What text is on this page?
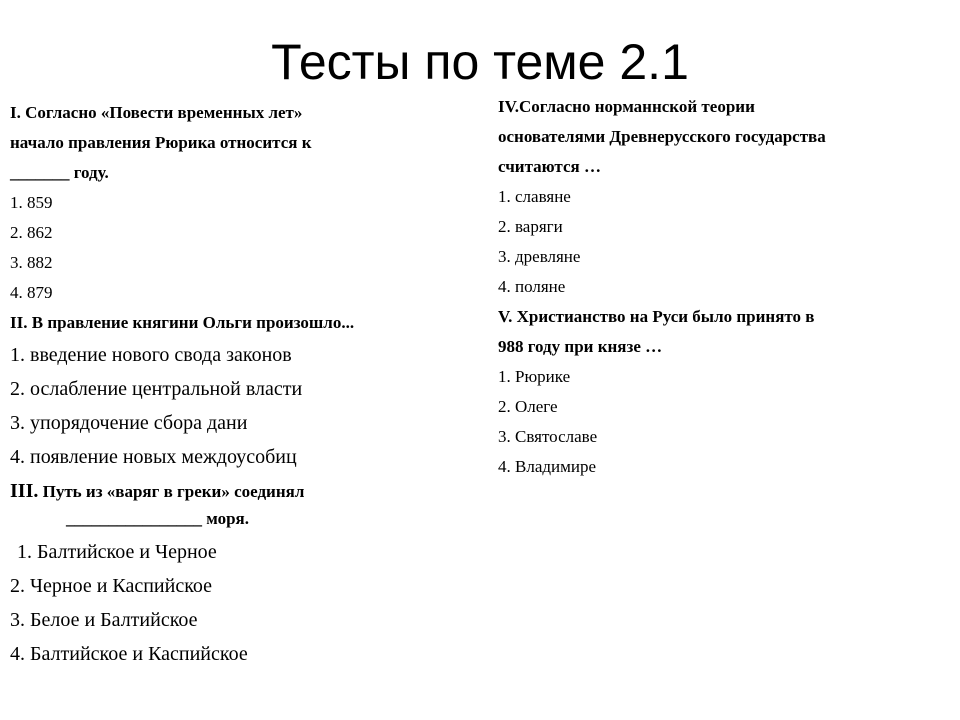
Тесты по теме 2.1
I. Согласно «Повести временных лет»
начало правления Рюрика относится к
_______ году.
1. 859
2. 862
3. 882
4. 879
II. В правление княгини Ольги произошло...
1. введение нового свода законов
2. ослабление центральной власти
3. упорядочение сбора дани
4. появление новых междоусобиц
III. Путь из «варяг в греки» соединял
________________ моря.
1. Балтийское и Черное
2. Черное и Каспийское
3. Белое и Балтийское
4. Балтийское и Каспийское
IV.Согласно норманнской теории
основателями Древнерусского государства
считаются …
1. славяне
2. варяги
3. древляне
4. поляне
V. Христианство на Руси было принято в
988 году при князе …
1. Рюрике
2. Олеге
3. Святославе
4. Владимире
